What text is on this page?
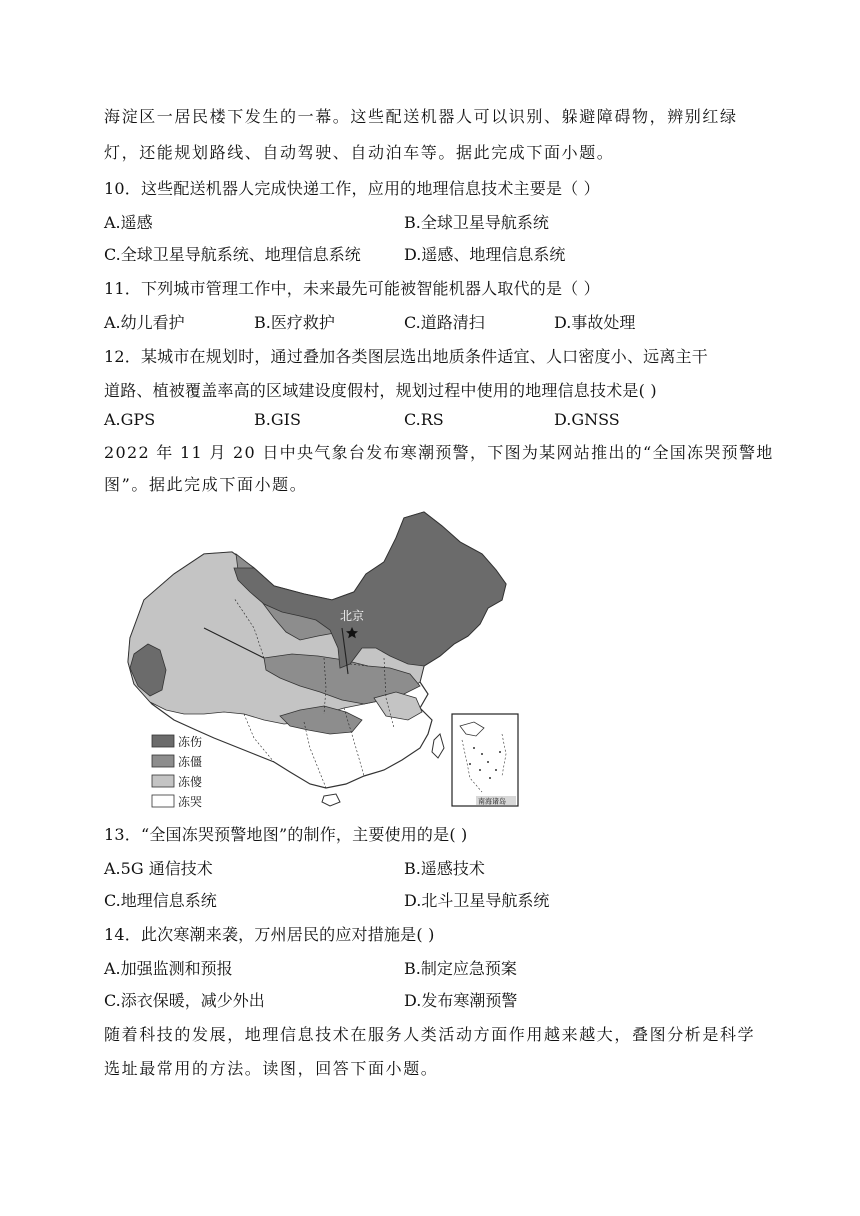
海淀区一居民楼下发生的一幕。这些配送机器人可以识别、躲避障碍物，辨别红绿
灯，还能规划路线、自动驾驶、自动泊车等。据此完成下面小题。
10．这些配送机器人完成快递工作，应用的地理信息技术主要是（ ）
A.遥感	B.全球卫星导航系统
C.全球卫星导航系统、地理信息系统	D.遥感、地理信息系统
11．下列城市管理工作中，未来最先可能被智能机器人取代的是（ ）
A.幼儿看护	B.医疗救护	C.道路清扫	D.事故处理
12．某城市在规划时，通过叠加各类图层选出地质条件适宜、人口密度小、远离主干
道路、植被覆盖率高的区域建设度假村，规划过程中使用的地理信息技术是( )
A.GPS	B.GIS	C.RS	D.GNSS
2022 年 11 月 20 日中央气象台发布寒潮预警，下图为某网站推出的“全国冻哭预警地
图”。据此完成下面小题。
北京
冻伤
冻僵
冻傻
冻哭	南海诸岛
13．“全国冻哭预警地图”的制作，主要使用的是( )
A.5G 通信技术	B.遥感技术
C.地理信息系统	D.北斗卫星导航系统
14．此次寒潮来袭，万州居民的应对措施是( )
A.加强监测和预报	B.制定应急预案
C.添衣保暖，减少外出	D.发布寒潮预警
随着科技的发展，地理信息技术在服务人类活动方面作用越来越大，叠图分析是科学
选址最常用的方法。读图，回答下面小题。
